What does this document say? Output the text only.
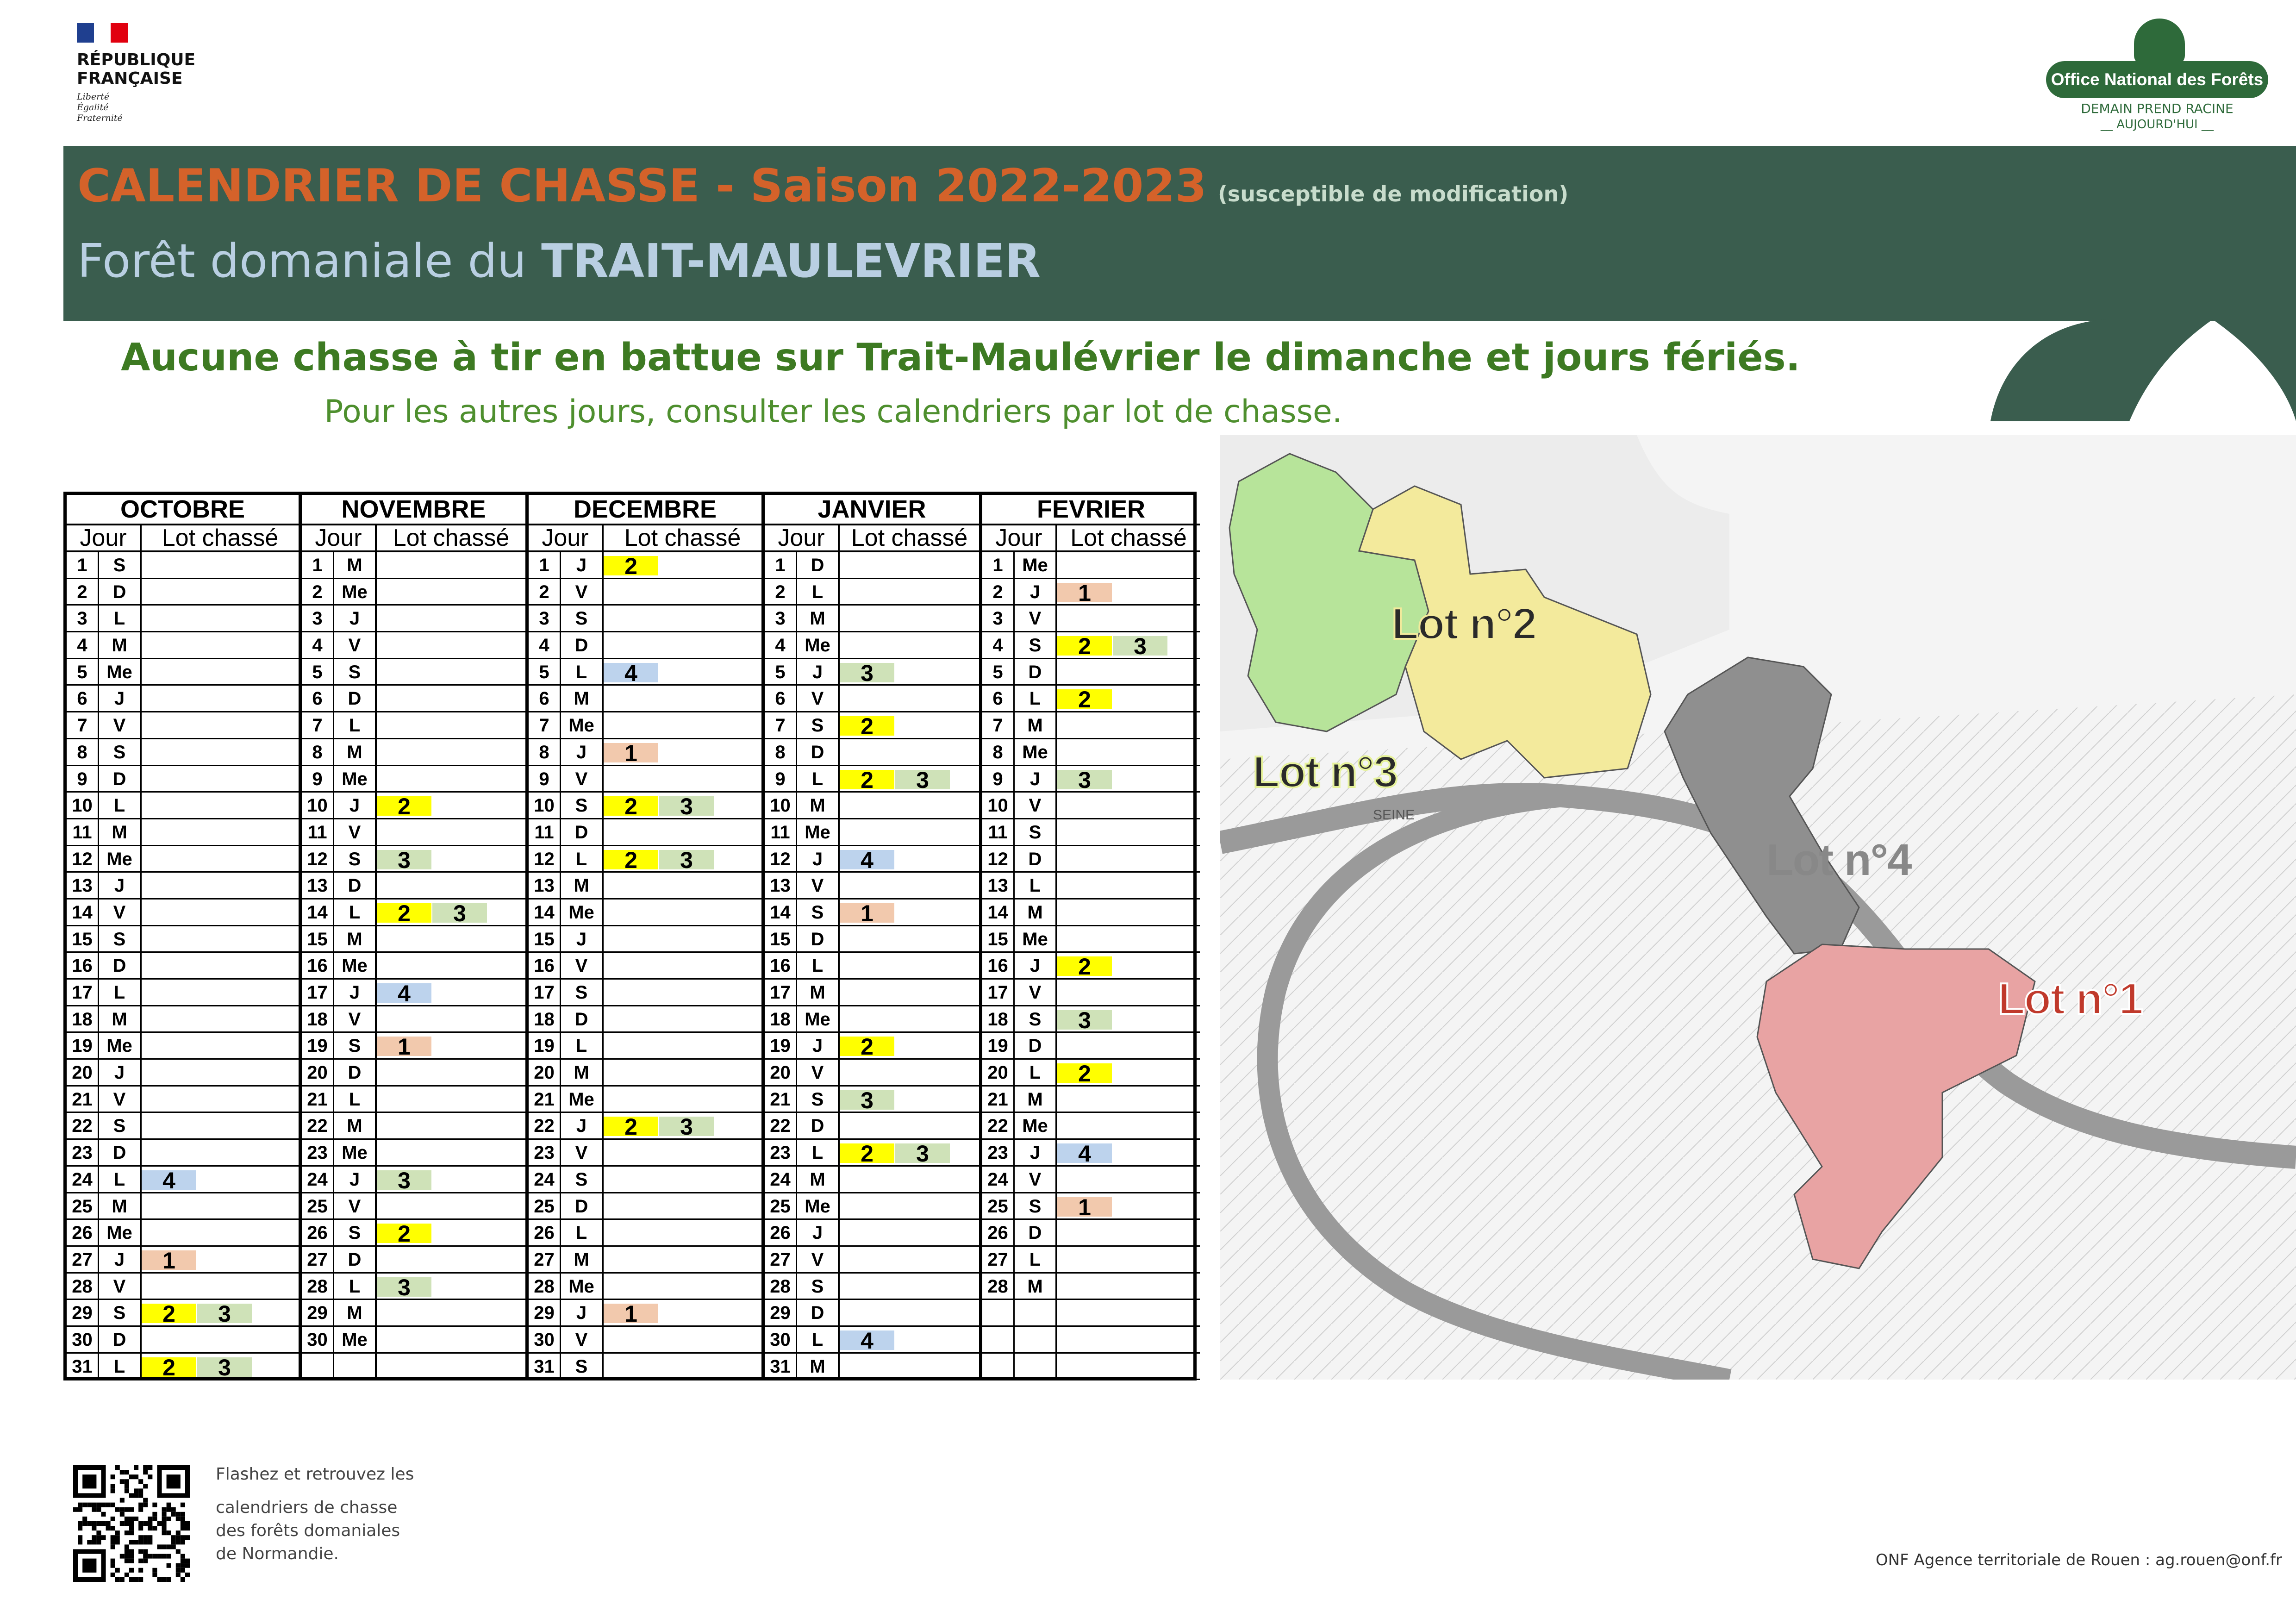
RÉPUBLIQUE
FRANÇAISE
Liberté
Égalité
Fraternité
Office National des Forêts
DEMAIN PREND RACINE
__ AUJOURD'HUI __
CALENDRIER DE CHASSE - Saison 2022-2023 (susceptible de modification)
Forêt domaniale du TRAIT-MAULEVRIER
Aucune chasse à tir en battue sur Trait-Maulévrier le dimanche et jours fériés.
Pour les autres jours, consulter les calendriers par lot de chasse.
OCTOBRE
Jour	Lot chassé
1	S
2	D
3	L
4	M
5	Me
6	J
7	V
8	S
9	D
10	L
11	M
12 Me
13	J
14	V
15	S
16	D
17	L
18	M
19 Me
20	J
21	V
22	S
23	D
24	L	4
25	M
26 Me
27	J	1
28	V
29	S	2	3
30	D
31	L	2	3
NOVEMBRE
Jour	Lot chassé
1	M
2	Me
3	J
4	V
5	S
6	D
7	L
8	M
9	Me
10	J	2
11	V
12	S	3
13	D
14	L	2	3
15	M
16 Me
17	J	4
18	V
19	S	1
20	D
21	L
22	M
23 Me
24	J	3
25	V
26	S	2
27	D
28	L	3
29	M
30 Me
DECEMBRE
Jour	Lot chassé
1	J	2
2	V
3	S
4	D
5	L	4
6	M
7	Me
8	J	1
9	V
10	S	2	3
11	D
12	L	2	3
13	M
14 Me
15	J
16	V
17	S
18	D
19	L
20	M
21 Me
22	J	2	3
23	V
24	S
25	D
26	L
27	M
28 Me
29	J	1
30	V
31	S
JANVIER
Jour	Lot chassé
1	D
2	L
3	M
4	Me
5	J	3
6	V
7	S	2
8	D
9	L	2	3
10	M
11 Me
12	J	4
13	V
14	S	1
15	D
16	L
17	M
18 Me
19	J	2
20	V
21	S	3
22	D
23	L	2	3
24	M
25 Me
26	J
27	V
28	S
29	D
30	L	4
31	M
FEVRIER
Jour	Lot chassé
1	Me
2	J	1
3	V
4	S	2	3
5	D
6	L	2
7	M
8	Me
9	J	3
10	V
11	S
12	D
13	L
14	M
15 Me
16	J	2
17	V
18	S	3
19	D
20	L	2
21	M
22 Me
23	J	4
24	V
25	S	1
26	D
27	L
28	M
SEINE
Lot n°2
Lot n°3
Lot n°4
Lot n°1
Flashez et retrouvez les
calendriers de chasse
des forêts domaniales
de Normandie.	ONF Agence territoriale de Rouen : ag.rouen@onf.fr
